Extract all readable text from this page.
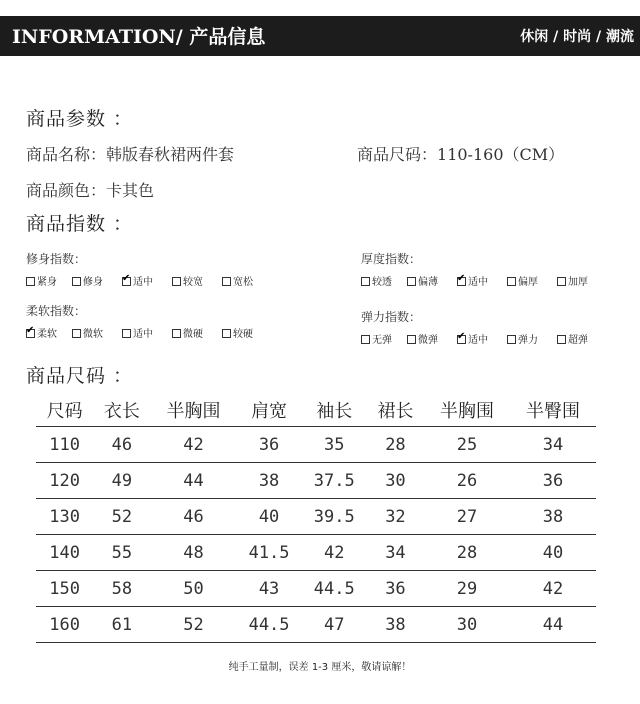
INFORMATION/ 产品信息	休闲 / 时尚 / 潮流
商品参数 ：
商品名称：韩版春秋裙两件套	商品尺码：110-160（CM）
商品颜色：卡其色
商品指数 ：
修身指数：
紧身	修身 ✔	适中	较宽	宽松
厚度指数：
较透	偏薄 ✔	适中	偏厚	加厚
柔软指数：
✔柔软	微软	适中	微硬	较硬
弹力指数：
无弹	微弹 ✔	适中	弹力	超弹
商品尺码 ：
尺码	衣长	半胸围	肩宽	袖长	裙长	半胸围	半臀围
110	46	42	36	35	28	25	34
120	49	44	38	37.5	30	26	36
130	52	46	40	39.5	32	27	38
140	55	48	41.5	42	34	28	40
150	58	50	43	44.5	36	29	42
160	61	52	44.5	47	38	30	44
纯手工量制，误差 1-3 厘米，敬请谅解！
